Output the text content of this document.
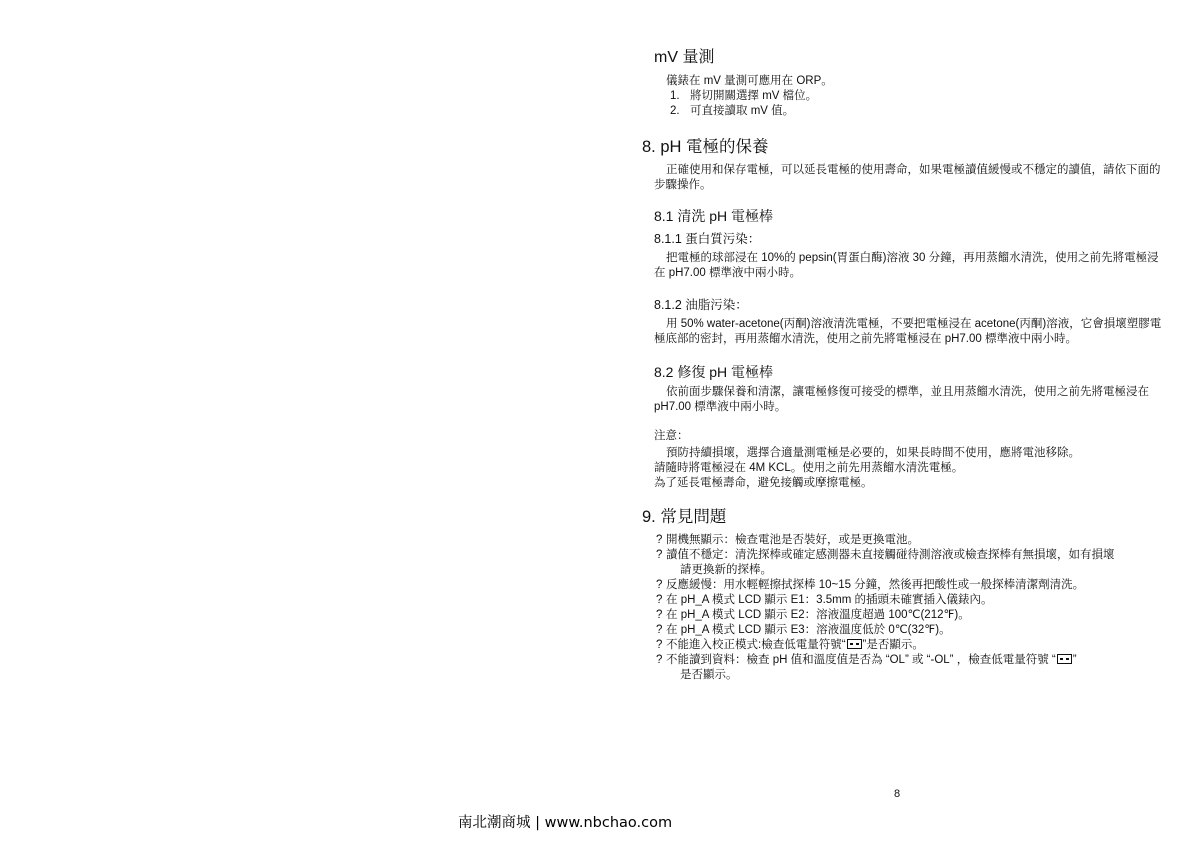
mV 量測
儀錶在 mV 量測可應用在 ORP。
1. 將切開關選擇 mV 檔位。
2. 可直接讀取 mV 值。
8. pH 電極的保養
正確使用和保存電極，可以延長電極的使用壽命，如果電極讀值緩慢或不穩定的讀值，請依下面的步驟操作。
8.1 清洗 pH 電極棒
8.1.1 蛋白質污染：
把電極的球部浸在 10%的 pepsin(胃蛋白酶)溶液 30 分鐘，再用蒸餾水清洗，使用之前先將電極浸在 pH7.00 標準液中兩小時。
8.1.2 油脂污染：
用 50% water-acetone(丙酮)溶液清洗電極，不要把電極浸在 acetone(丙酮)溶液，它會損壞塑膠電極底部的密封，再用蒸餾水清洗，使用之前先將電極浸在 pH7.00 標準液中兩小時。
8.2 修復 pH 電極棒
依前面步驟保養和清潔，讓電極修復可接受的標準，並且用蒸餾水清洗，使用之前先將電極浸在 pH7.00 標準液中兩小時。
注意：
預防持續損壞，選擇合適量測電極是必要的，如果長時間不使用，應將電池移除。
請隨時將電極浸在 4M KCL。使用之前先用蒸餾水清洗電極。
為了延長電極壽命，避免接觸或摩擦電極。
9. 常見問題
? 開機無顯示：檢查電池是否裝好，或是更換電池。
? 讀值不穩定：清洗探棒或確定感測器未直接觸碰待測溶液或檢查探棒有無損壞，如有損壞
請更換新的探棒。
? 反應緩慢：用水輕輕擦拭探棒 10~15 分鐘，然後再把酸性或一般探棒清潔劑清洗。
? 在 pH_A 模式 LCD 顯示 E1：3.5mm 的插頭未確實插入儀錶內。
? 在 pH_A 模式 LCD 顯示 E2：溶液溫度超過 100℃(212℉)。
? 在 pH_A 模式 LCD 顯示 E3：溶液溫度低於 0℃(32℉)。
? 不能進入校正模式:檢查低電量符號“ ”是否顯示。
? 不能讀到資料：檢查 pH 值和溫度值是否為 “OL” 或 “-OL” ，檢查低電量符號 “ ”
是否顯示。
8
南北潮商城 | www.nbchao.com
